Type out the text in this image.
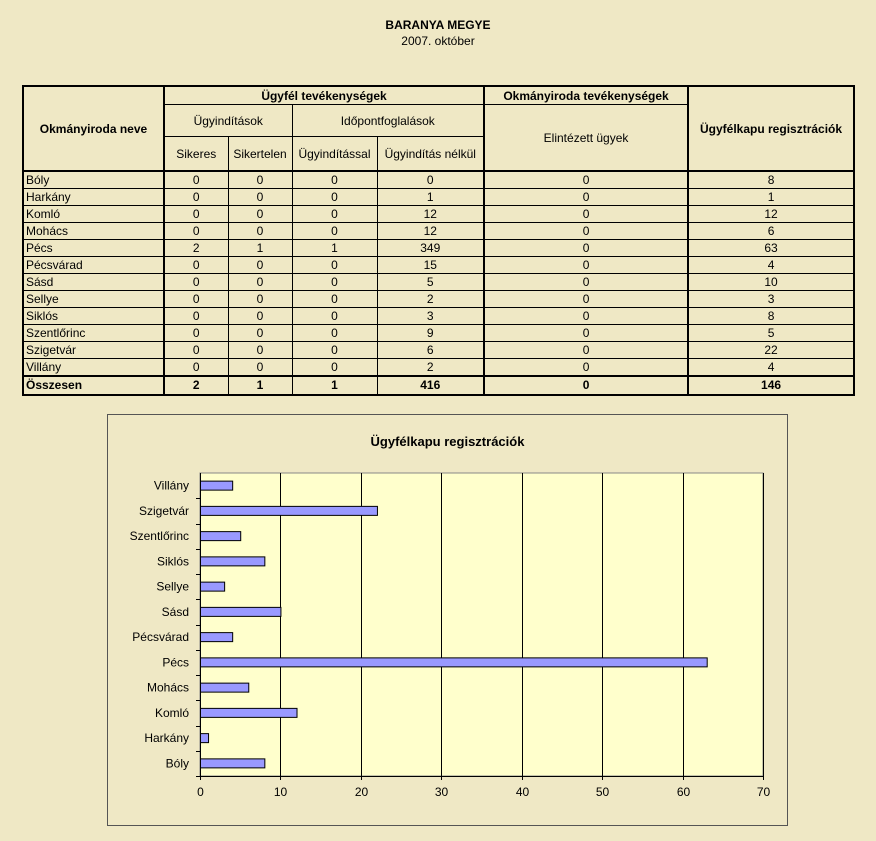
BARANYA MEGYE
2007. október
Okmányiroda neve	Ügyfél tevékenységek				Okmányiroda tevékenységek	Ügyfélkapu regisztrációk
	Ügyindítások		Időpontfoglalások		Elintézett ügyek	
	Sikeres	Sikertelen	Ügyindítással	Ügyindítás nélkül		
Bóly	0	0	0	0	0	8
Harkány	0	0	0	1	0	1
Komló	0	0	0	12	0	12
Mohács	0	0	0	12	0	6
Pécs	2	1	1	349	0	63
Pécsvárad	0	0	0	15	0	4
Sásd	0	0	0	5	0	10
Sellye	0	0	0	2	0	3
Siklós	0	0	0	3	0	8
Szentlőrinc	0	0	0	9	0	5
Szigetvár	0	0	0	6	0	22
Villány	0	0	0	2	0	4
Összesen	2	1	1	416	0	146
Ügyfélkapu regisztrációk
0	10	20	30	40	50	60	70
Bóly
Harkány
Komló
Mohács
Pécs
Pécsvárad
Sásd
Sellye
Siklós
Szentlőrinc
Szigetvár
Villány
